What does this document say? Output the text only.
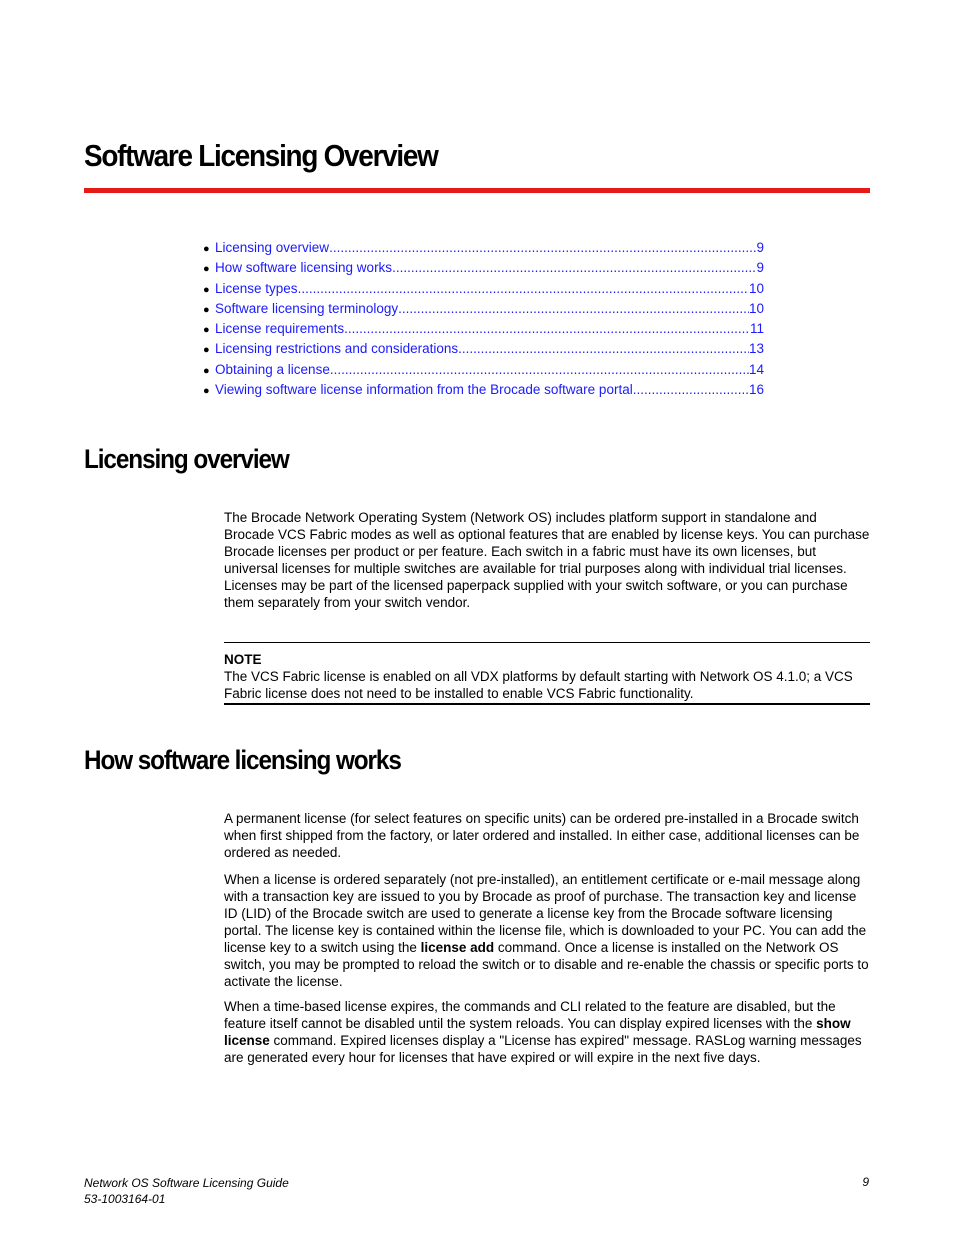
Software Licensing Overview
● Licensing overview .....	9
● How software licensing works .....	9
● License types .....	10
● Software licensing terminology .....	10
● License requirements .....	11
● Licensing restrictions and considerations .....	13
● Obtaining a license .....	14
● Viewing software license information from the Brocade software portal .....	16
Licensing overview

The Brocade Network Operating System (Network OS) includes platform support in standalone and Brocade VCS Fabric modes as well as optional features that are enabled by license keys. You can purchase Brocade licenses per product or per feature. Each switch in a fabric must have its own licenses, but universal licenses for multiple switches are available for trial purposes along with individual trial licenses. Licenses may be part of the licensed paperpack supplied with your switch software, or you can purchase them separately from your switch vendor.

NOTE
The VCS Fabric license is enabled on all VDX platforms by default starting with Network OS 4.1.0; a VCS Fabric license does not need to be installed to enable VCS Fabric functionality.
How software licensing works

A permanent license (for select features on specific units) can be ordered pre-installed in a Brocade switch when first shipped from the factory, or later ordered and installed. In either case, additional licenses can be ordered as needed.

When a license is ordered separately (not pre-installed), an entitlement certificate or e-mail message along with a transaction key are issued to you by Brocade as proof of purchase. The transaction key and license ID (LID) of the Brocade switch are used to generate a license key from the Brocade software licensing portal. The license key is contained within the license file, which is downloaded to your PC. You can add the license key to a switch using the license add command. Once a license is installed on the Network OS switch, you may be prompted to reload the switch or to disable and re-enable the chassis or specific ports to activate the license.

When a time-based license expires, the commands and CLI related to the feature are disabled, but the feature itself cannot be disabled until the system reloads. You can display expired licenses with the show license command. Expired licenses display a "License has expired" message. RASLog warning messages are generated every hour for licenses that have expired or will expire in the next five days.

Network OS Software Licensing Guide
53-1003164-01
9
